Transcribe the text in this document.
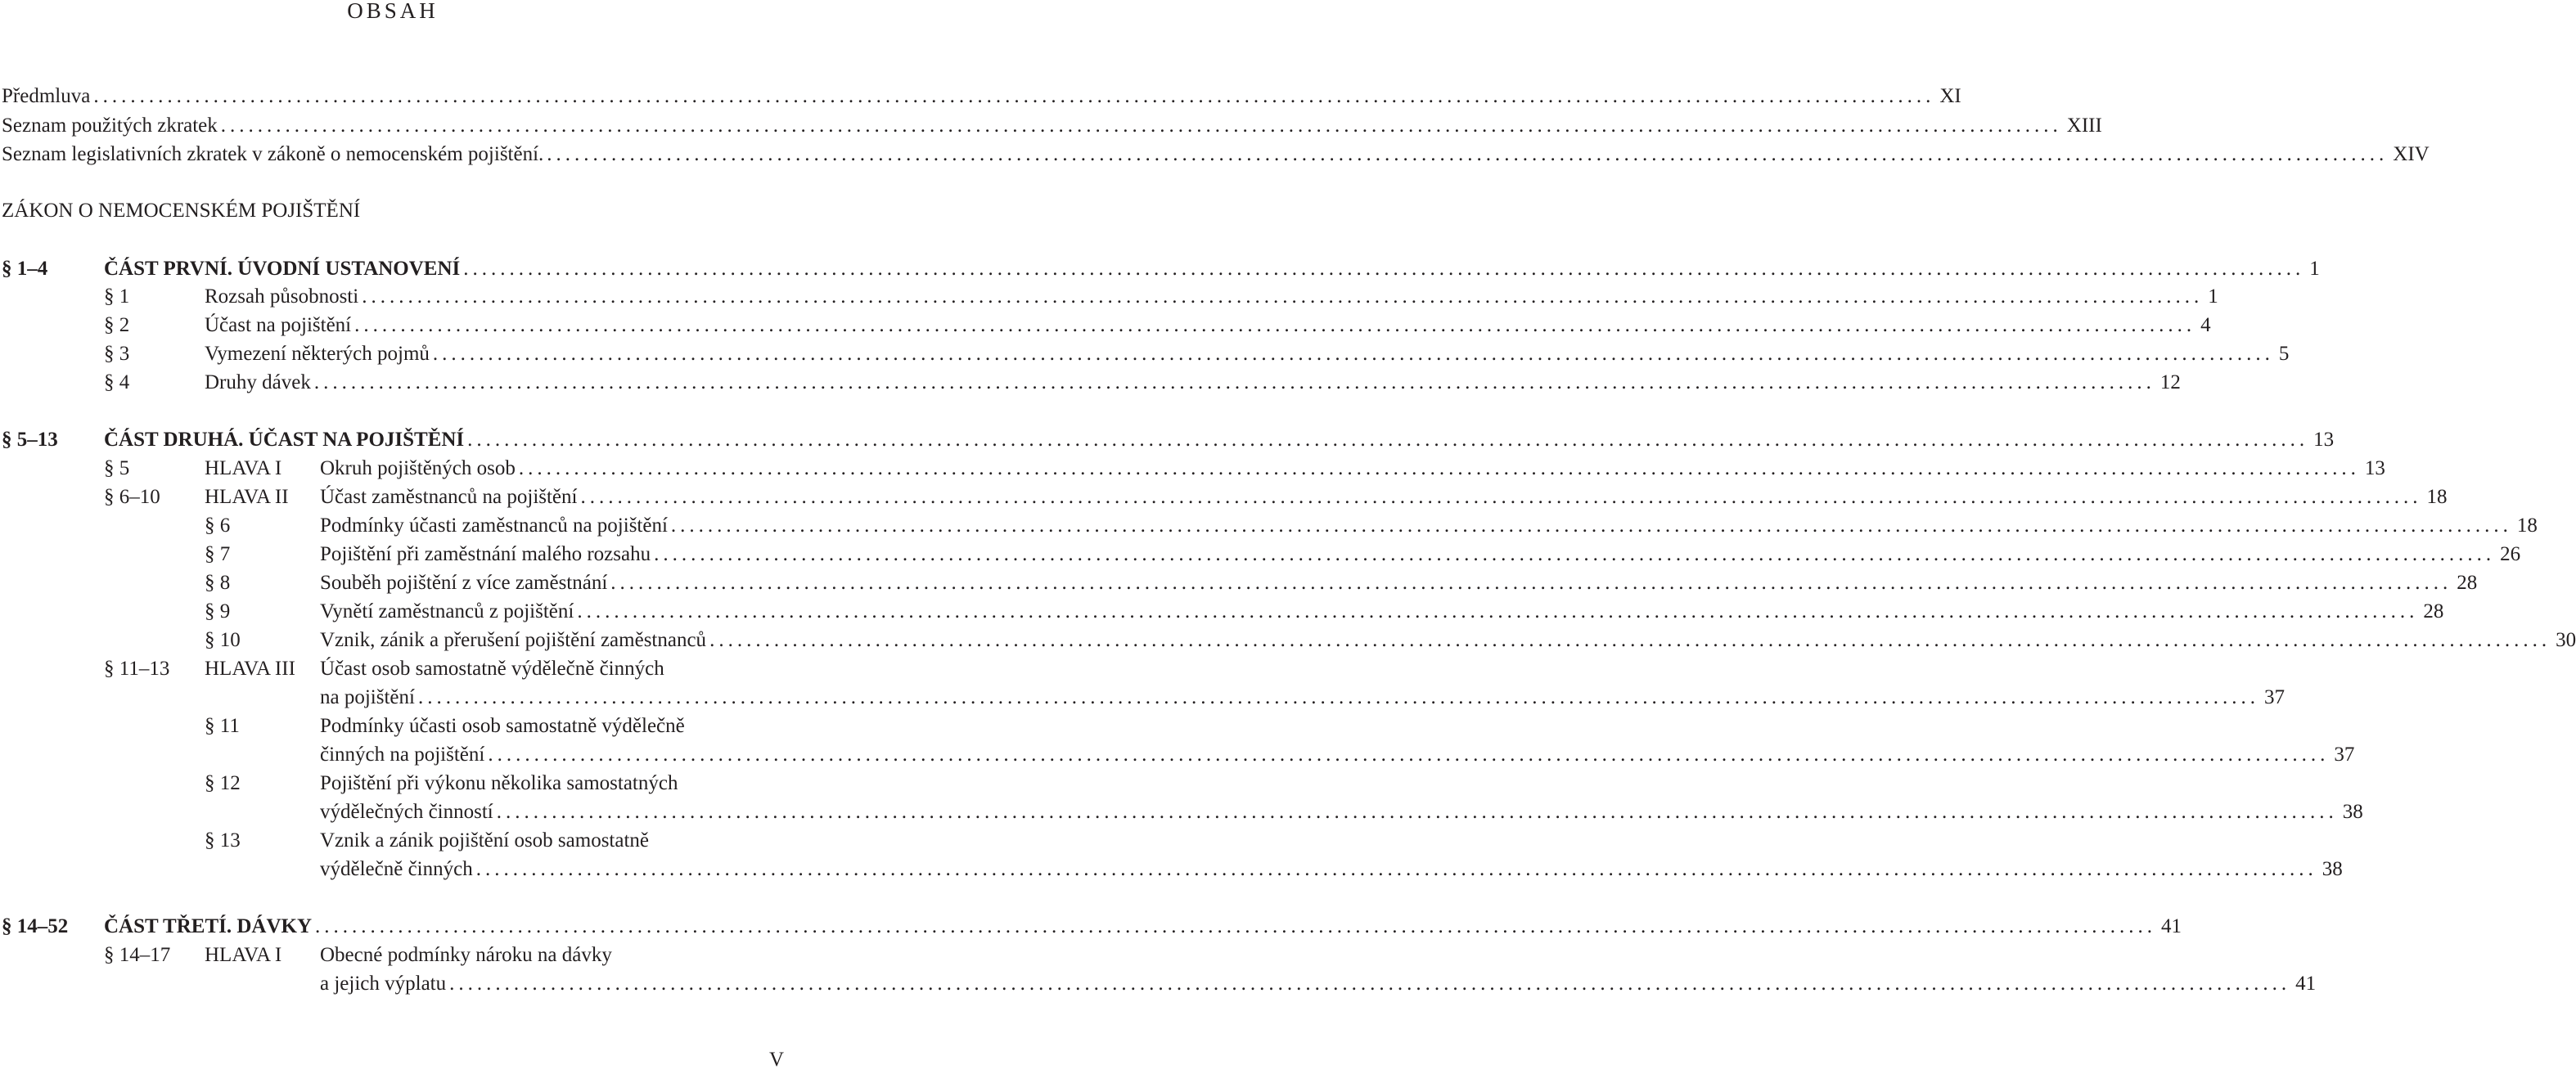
OBSAH
Předmluva ........................................................................................................................................................................................................ XI
Seznam použitých zkratek ........................................................................................................................................................................................................ XIII
Seznam legislativních zkratek v zákoně o nemocenském pojištění. ........................................................................................................................................................................................................ XIV
ZÁKON O NEMOCENSKÉM POJIŠTĚNÍ
§ 1–4	ČÁST PRVNÍ. ÚVODNÍ USTANOVENÍ ........................................................................................................................................................................................................ 1
§ 1	Rozsah působnosti ........................................................................................................................................................................................................ 1
§ 2	Účast na pojištění ........................................................................................................................................................................................................ 4
§ 3	Vymezení některých pojmů ........................................................................................................................................................................................................ 5
§ 4	Druhy dávek ........................................................................................................................................................................................................ 12
§ 5–13 ČÁST DRUHÁ. ÚČAST NA POJIŠTĚNÍ ........................................................................................................................................................................................................ 13
§ 5	HLAVA I Okruh pojištěných osob ........................................................................................................................................................................................................ 13
§ 6–10 HLAVA II Účast zaměstnanců na pojištění ........................................................................................................................................................................................................ 18
§ 6	Podmínky účasti zaměstnanců na pojištění ........................................................................................................................................................................................................ 18
§ 7	Pojištění při zaměstnání malého rozsahu ........................................................................................................................................................................................................ 26
§ 8	Souběh pojištění z více zaměstnání ........................................................................................................................................................................................................ 28
§ 9	Vynětí zaměstnanců z pojištění ........................................................................................................................................................................................................ 28
§ 10	Vznik, zánik a přerušení pojištění zaměstnanců ........................................................................................................................................................................................................ 30
§ 11–13 HLAVA III Účast osob samostatně výdělečně činných
na pojištění ........................................................................................................................................................................................................ 37
§ 11	Podmínky účasti osob samostatně výdělečně
činných na pojištění ........................................................................................................................................................................................................ 37
§ 12	Pojištění při výkonu několika samostatných
výdělečných činností ........................................................................................................................................................................................................ 38
§ 13	Vznik a zánik pojištění osob samostatně
výdělečně činných ........................................................................................................................................................................................................ 38
§ 14–52 ČÁST TŘETÍ. DÁVKY ........................................................................................................................................................................................................ 41
§ 14–17 HLAVA I Obecné podmínky nároku na dávky
a jejich výplatu ........................................................................................................................................................................................................ 41
V
